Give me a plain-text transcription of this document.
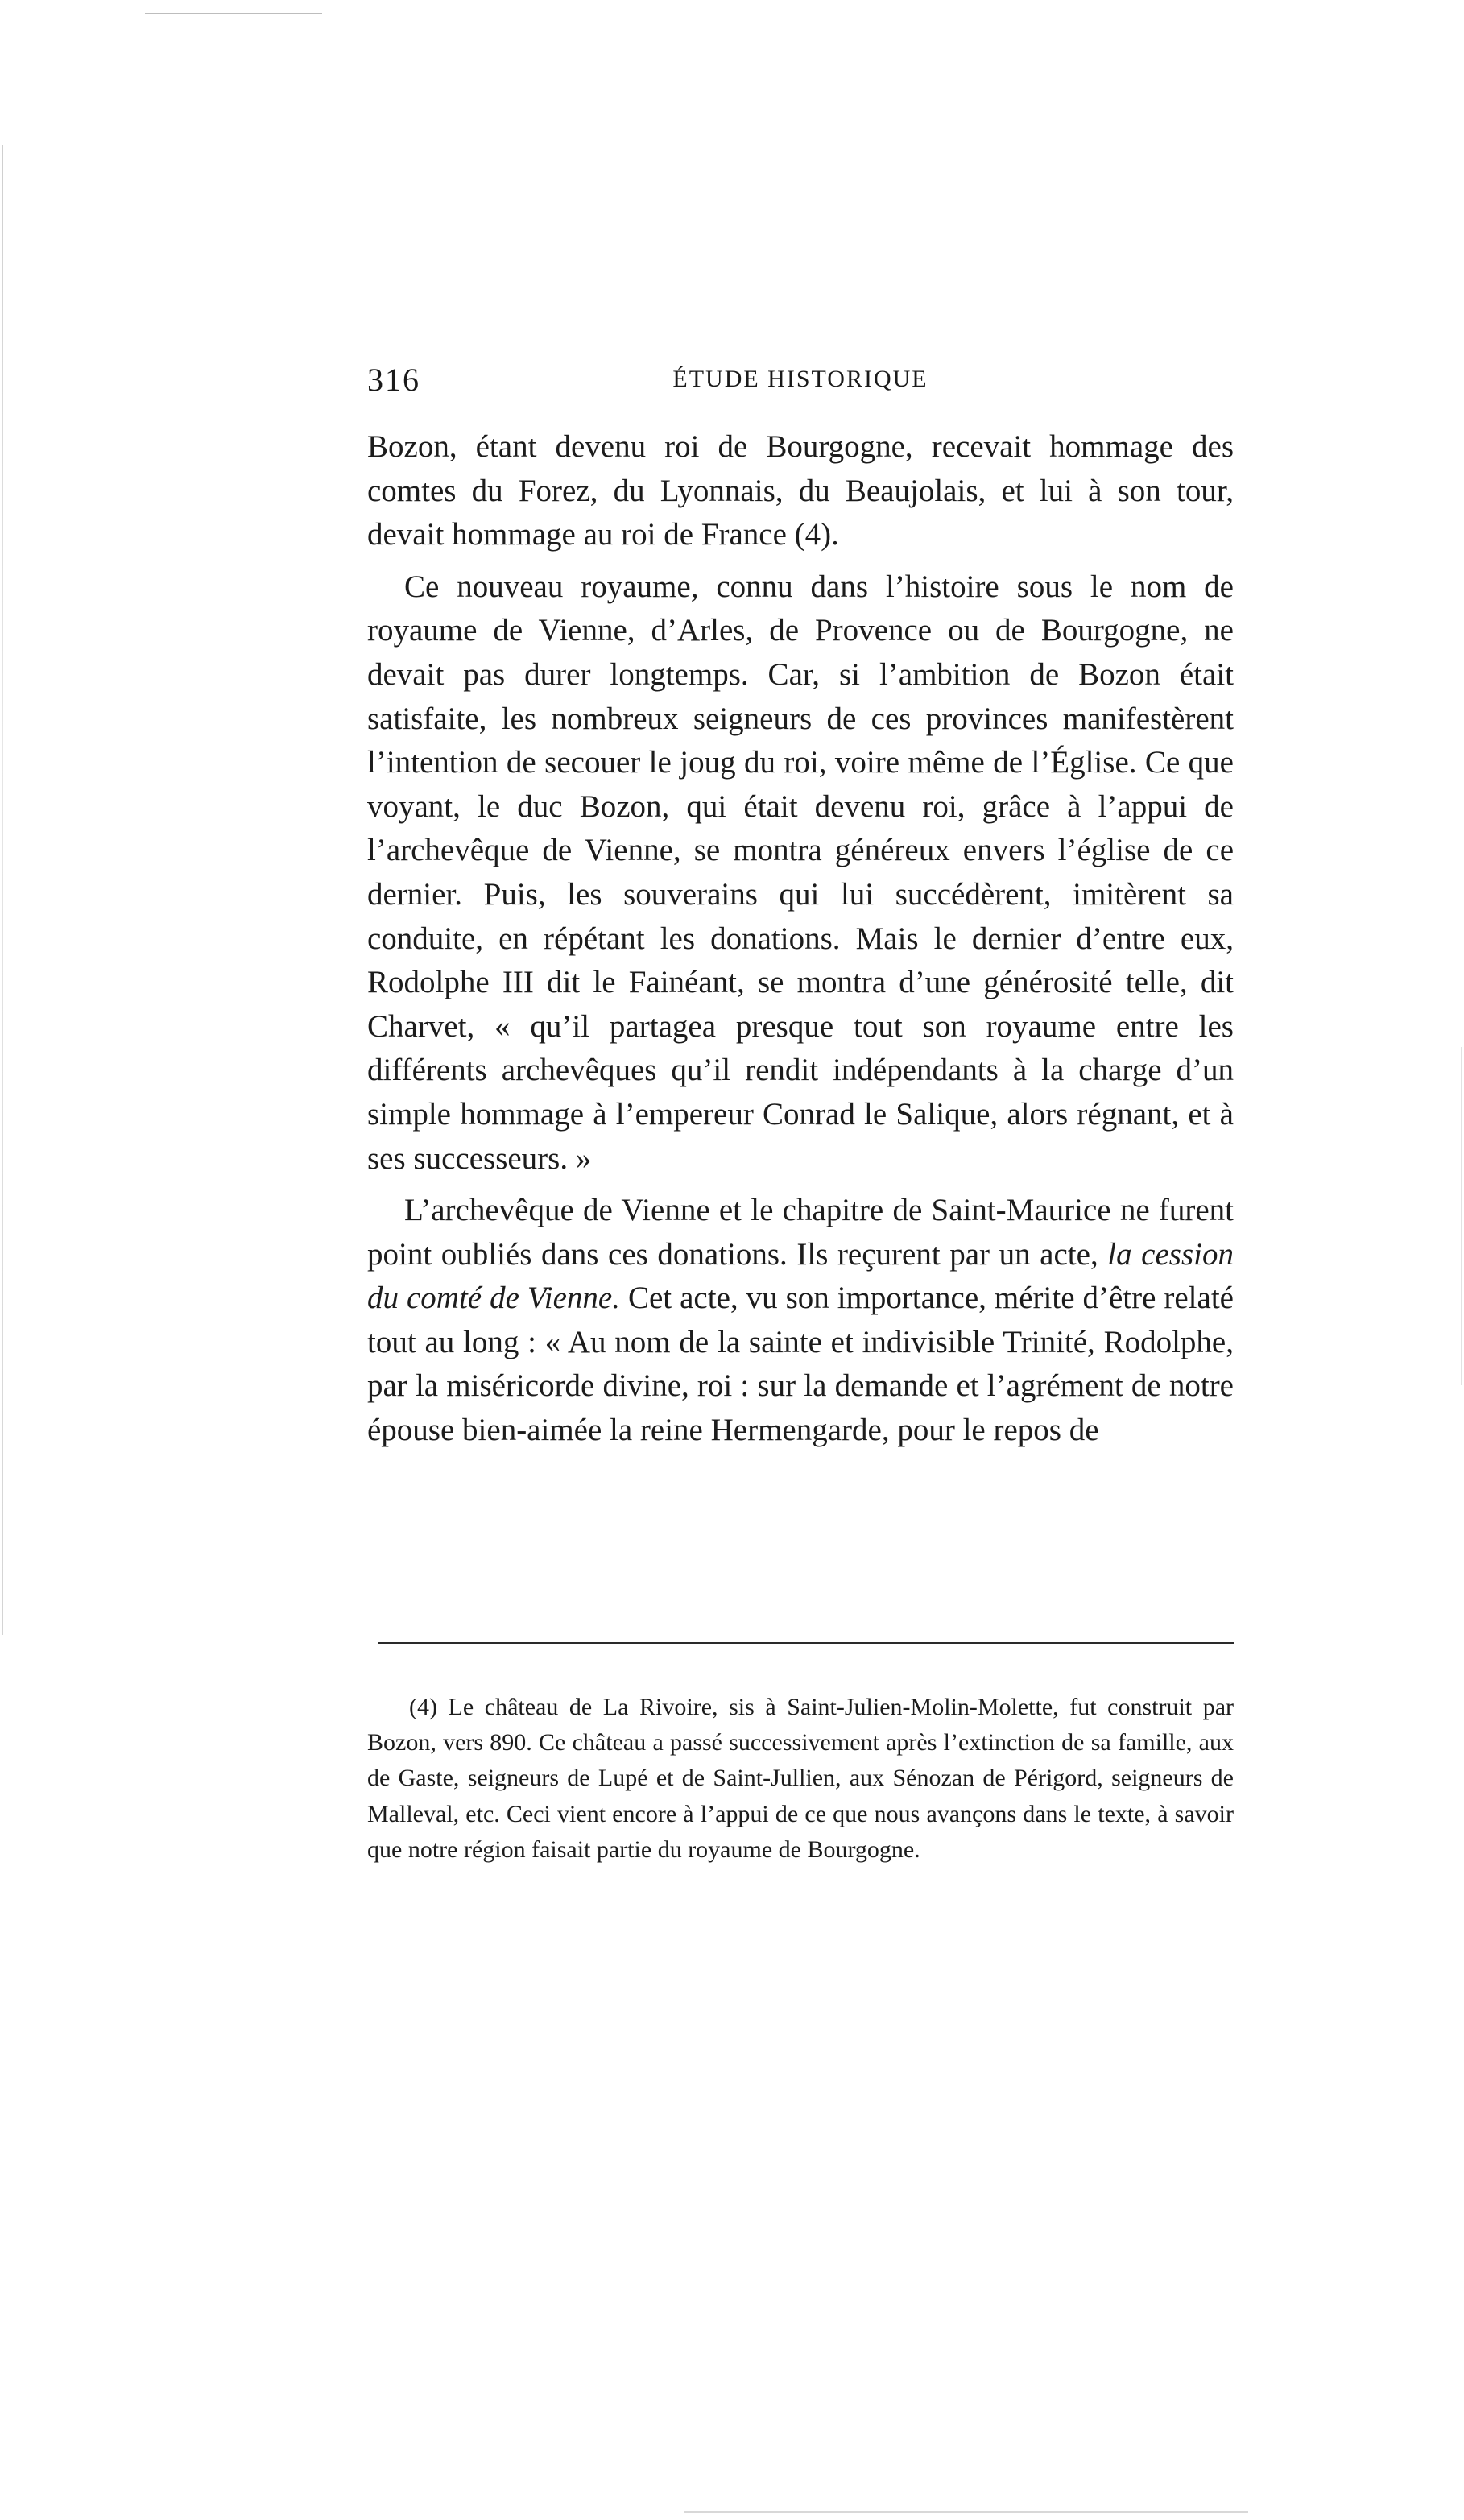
316	ÉTUDE HISTORIQUE

Bozon, étant devenu roi de Bourgogne, recevait hommage des comtes du Forez, du Lyonnais, du Beaujolais, et lui à son tour, devait hommage au roi de France (4).

Ce nouveau royaume, connu dans l’histoire sous le nom de royaume de Vienne, d’Arles, de Provence ou de Bourgogne, ne devait pas durer longtemps. Car, si l’ambition de Bozon était satisfaite, les nombreux seigneurs de ces provinces manifestèrent l’intention de secouer le joug du roi, voire même de l’Église. Ce que voyant, le duc Bozon, qui était devenu roi, grâce à l’appui de l’archevêque de Vienne, se montra généreux envers l’église de ce dernier. Puis, les souverains qui lui succédèrent, imitèrent sa conduite, en répétant les donations. Mais le dernier d’entre eux, Rodolphe III dit le Fainéant, se montra d’une générosité telle, dit Charvet, « qu’il partagea presque tout son royaume entre les différents archevêques qu’il rendit indépendants à la charge d’un simple hommage à l’empereur Conrad le Salique, alors régnant, et à ses successeurs. »

L’archevêque de Vienne et le chapitre de Saint-Maurice ne furent point oubliés dans ces donations. Ils reçurent par un acte, la cession du comté de Vienne. Cet acte, vu son importance, mérite d’être relaté tout au long : « Au nom de la sainte et indivisible Trinité, Rodolphe, par la miséricorde divine, roi : sur la demande et l’agrément de notre épouse bien-aimée la reine Hermengarde, pour le repos de

(4) Le château de La Rivoire, sis à Saint-Julien-Molin-Molette, fut construit par Bozon, vers 890. Ce château a passé successivement après l’extinction de sa famille, aux de Gaste, seigneurs de Lupé et de Saint-Jullien, aux Sénozan de Périgord, seigneurs de Malleval, etc. Ceci vient encore à l’appui de ce que nous avançons dans le texte, à savoir que notre région faisait partie du royaume de Bourgogne.
